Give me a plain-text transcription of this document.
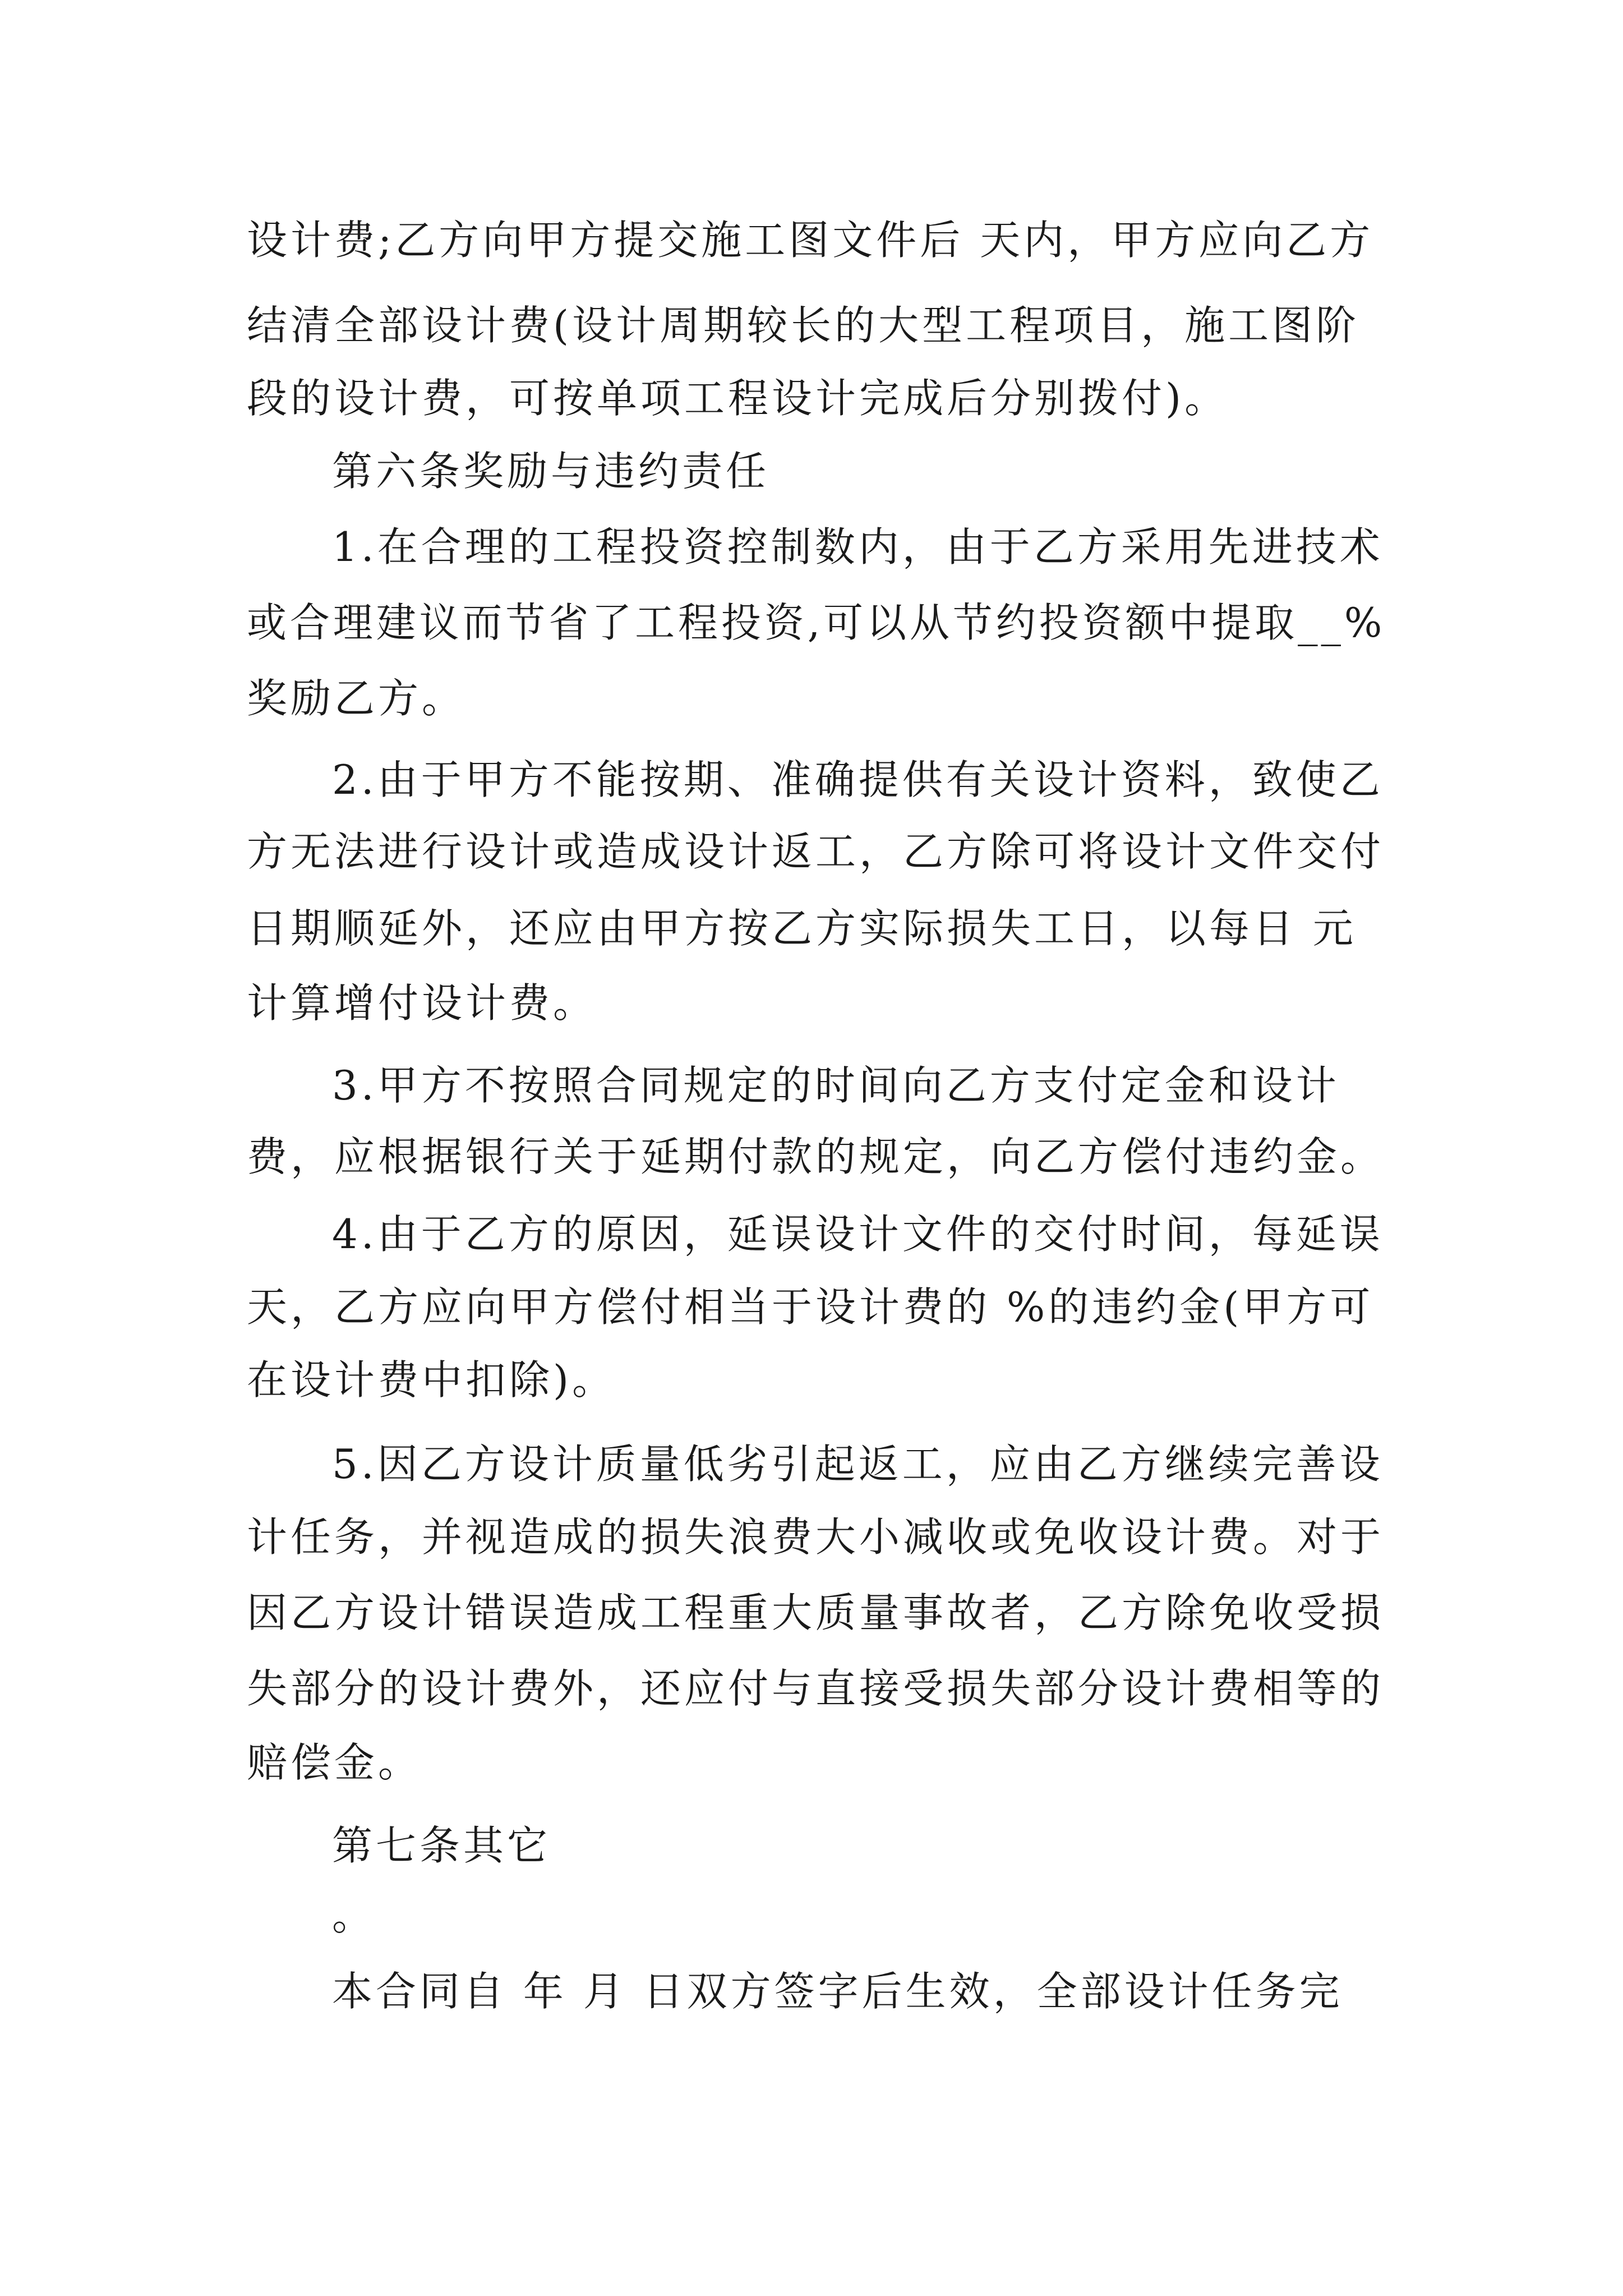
设计费;乙方向甲方提交施工图文件后 天内，甲方应向乙方
结清全部设计费(设计周期较长的大型工程项目，施工图阶
段的设计费，可按单项工程设计完成后分别拨付)。
第六条奖励与违约责任
1.在合理的工程投资控制数内，由于乙方采用先进技术
或合理建议而节省了工程投资,可以从节约投资额中提取__%
奖励乙方。
2.由于甲方不能按期、准确提供有关设计资料，致使乙
方无法进行设计或造成设计返工，乙方除可将设计文件交付
日期顺延外，还应由甲方按乙方实际损失工日，以每日 元
计算增付设计费。
3.甲方不按照合同规定的时间向乙方支付定金和设计
费，应根据银行关于延期付款的规定，向乙方偿付违约金。
4.由于乙方的原因，延误设计文件的交付时间，每延误
天，乙方应向甲方偿付相当于设计费的 %的违约金(甲方可
在设计费中扣除)。
5.因乙方设计质量低劣引起返工，应由乙方继续完善设
计任务，并视造成的损失浪费大小减收或免收设计费。对于
因乙方设计错误造成工程重大质量事故者，乙方除免收受损
失部分的设计费外，还应付与直接受损失部分设计费相等的
赔偿金。
第七条其它
。
本合同自 年 月 日双方签字后生效，全部设计任务完
